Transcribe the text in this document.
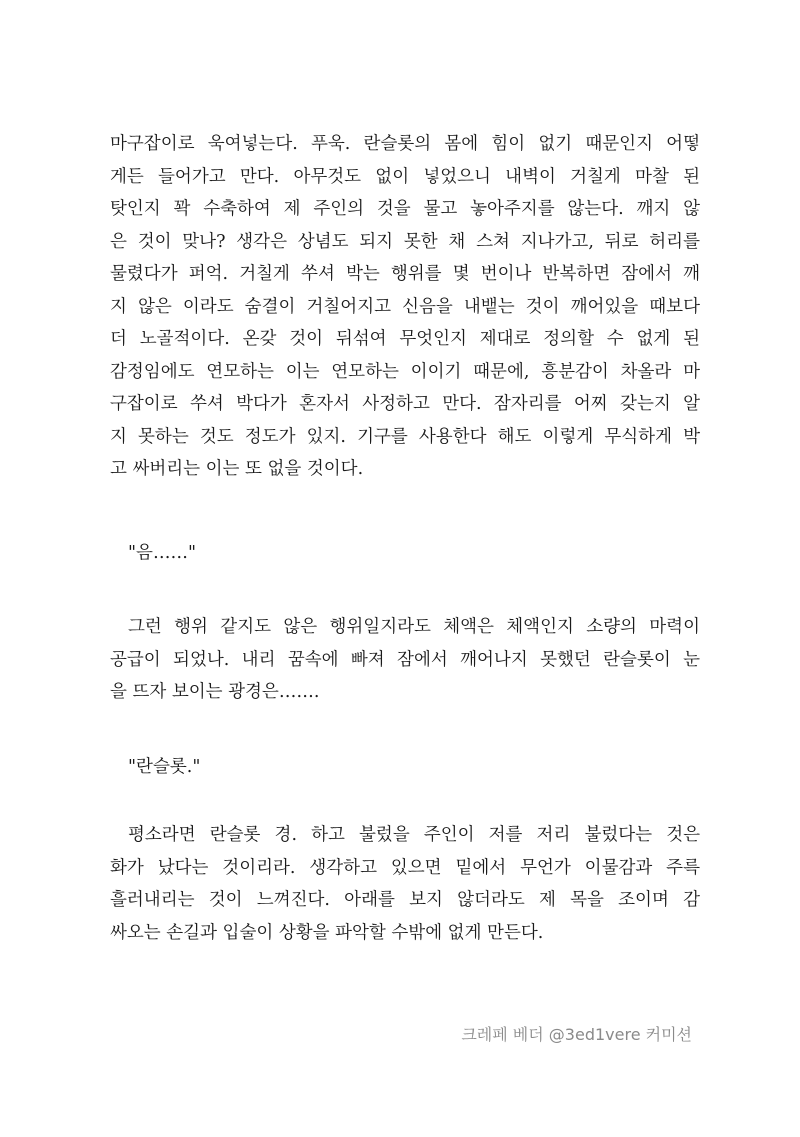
마구잡이로 욱여넣는다. 푸욱. 란슬롯의 몸에 힘이 없기 때문인지 어떻
게든 들어가고 만다. 아무것도 없이 넣었으니 내벽이 거칠게 마찰 된
탓인지 꽉 수축하여 제 주인의 것을 물고 놓아주지를 않는다. 깨지 않
은 것이 맞나? 생각은 상념도 되지 못한 채 스쳐 지나가고, 뒤로 허리를
물렸다가 퍼억. 거칠게 쑤셔 박는 행위를 몇 번이나 반복하면 잠에서 깨
지 않은 이라도 숨결이 거칠어지고 신음을 내뱉는 것이 깨어있을 때보다
더 노골적이다. 온갖 것이 뒤섞여 무엇인지 제대로 정의할 수 없게 된
감정임에도 연모하는 이는 연모하는 이이기 때문에, 흥분감이 차올라 마
구잡이로 쑤셔 박다가 혼자서 사정하고 만다. 잠자리를 어찌 갖는지 알
지 못하는 것도 정도가 있지. 기구를 사용한다 해도 이렇게 무식하게 박
고 싸버리는 이는 또 없을 것이다.
"음……"
그런 행위 같지도 않은 행위일지라도 체액은 체액인지 소량의 마력이
공급이 되었나. 내리 꿈속에 빠져 잠에서 깨어나지 못했던 란슬롯이 눈
을 뜨자 보이는 광경은…….
"란슬롯."
평소라면 란슬롯 경. 하고 불렀을 주인이 저를 저리 불렀다는 것은
화가 났다는 것이리라. 생각하고 있으면 밑에서 무언가 이물감과 주륵
흘러내리는 것이 느껴진다. 아래를 보지 않더라도 제 목을 조이며 감
싸오는 손길과 입술이 상황을 파악할 수밖에 없게 만든다.
크레페 베더 @3ed1vere 커미션
